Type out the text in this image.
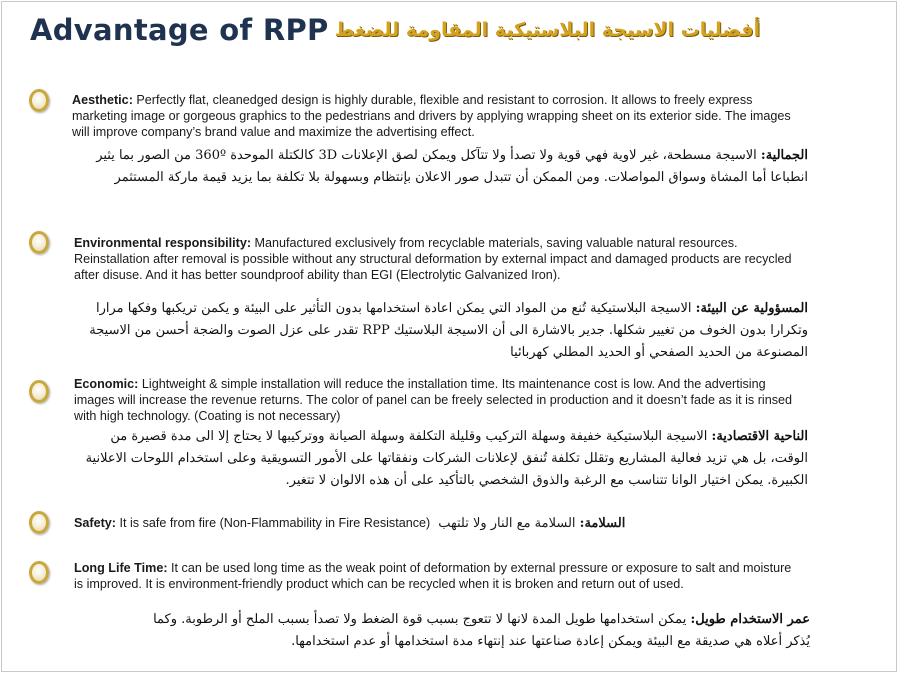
Advantage of RPP أفضليات الاسيجة البلاستيكية المقاومة للضغط
Aesthetic: Perfectly flat, cleanedged design is highly durable, flexible and resistant to corrosion. It allows to freely express marketing image or gorgeous graphics to the pedestrians and drivers by applying wrapping sheet on its exterior side. The images will improve company’s brand value and maximize the advertising effect.
الجمالية: الاسيجة مسطحة، غير لاوية فهي قوية ولا تصدأ ولا تتآكل ويمكن لصق الإعلانات 3D كالكتلة الموحدة 360º من الصور بما يثير انطباعا أما المشاة وسواق المواصلات. ومن الممكن أن تتبدل صور الاعلان بإنتظام وبسهولة بلا تكلفة بما يزيد قيمة ماركة المستثمر
Environmental responsibility: Manufactured exclusively from recyclable materials, saving valuable natural resources. Reinstallation after removal is possible without any structural deformation by external impact and damaged products are recycled after disuse. And it has better soundproof ability than EGI (Electrolytic Galvanized Iron).
المسؤولية عن البيئة: الاسيجة البلاستيكية تُنع من المواد التي يمكن اعادة استخدامها بدون التأثير على البيئة و يكمن تريكبها وفكها مرارا وتكرارا بدون الخوف من تغيير شكلها. جدير بالاشارة الى أن الاسيجة البلاستيك RPP تقدر على عزل الصوت والضجة أحسن من الاسيجة المصنوعة من الحديد الصفحي أو الحديد المطلي كهربائيا
Economic: Lightweight & simple installation will reduce the installation time. Its maintenance cost is low. And the advertising images will increase the revenue returns. The color of panel can be freely selected in production and it doesn’t fade as it is rinsed with high technology. (Coating is not necessary)
الناحية الاقتصادية: الاسيجة البلاستيكية خفيفة وسهلة التركيب وقليلة التكلفة وسهلة الصيانة ووتركيبها لا يحتاج إلا الى مدة قصيرة من الوقت، بل هي تزيد فعالية المشاريع وتقلل تكلفة تُنفق لإعلانات الشركات ونفقاتها على الأمور التسويقية وعلى استخدام اللوحات الاعلانية الكبيرة. يمكن اختيار الوانا تتناسب مع الرغبة والذوق الشخصي بالتأكيد على أن هذه الالوان لا تتغير.
Safety: It is safe from fire (Non-Flammability in Fire Resistance)	السلامة: السلامة مع النار ولا تلتهب
Long Life Time: It can be used long time as the weak point of deformation by external pressure or exposure to salt and moisture is improved. It is environment-friendly product which can be recycled when it is broken and return out of used.
عمر الاستخدام طويل: يمكن استخدامها طويل المدة لانها لا تتعوج بسبب قوة الضغط ولا تصدأ بسبب الملح أو الرطوبة. وكما يُذكر أعلاه هي صديقة مع البيئة ويمكن إعادة صناعتها عند إنتهاء مدة استخدامها أو عدم استخدامها.
